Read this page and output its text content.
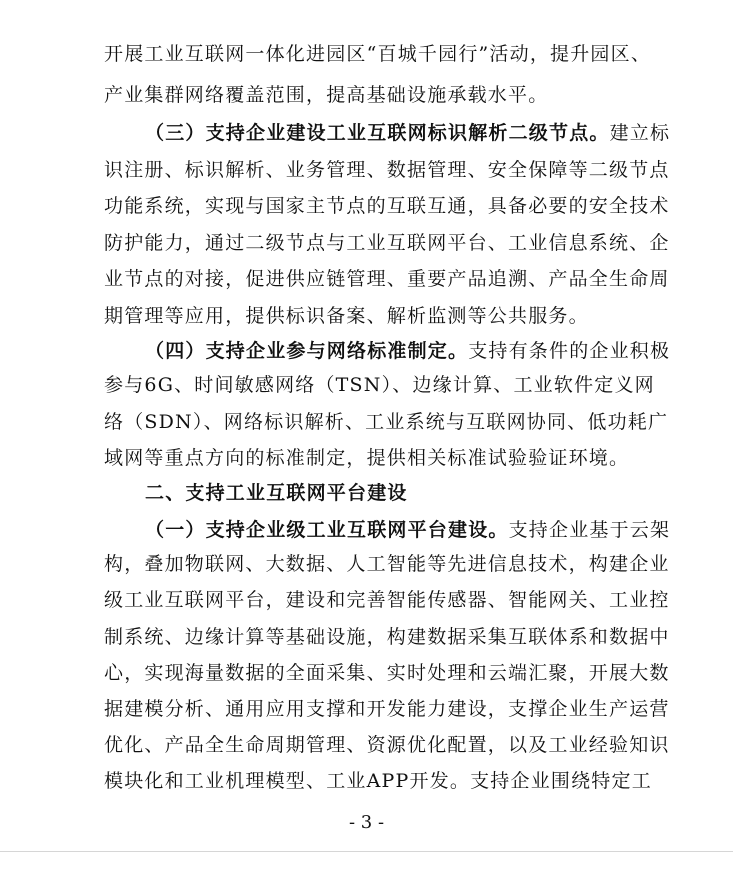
开展工业互联网一体化进园区“百城千园行”活动，提升园区、
产业集群网络覆盖范围，提高基础设施承载水平。
（三）支持企业建设工业互联网标识解析二级节点。建立标
识注册、标识解析、业务管理、数据管理、安全保障等二级节点
功能系统，实现与国家主节点的互联互通，具备必要的安全技术
防护能力，通过二级节点与工业互联网平台、工业信息系统、企
业节点的对接，促进供应链管理、重要产品追溯、产品全生命周
期管理等应用，提供标识备案、解析监测等公共服务。
（四）支持企业参与网络标准制定。支持有条件的企业积极
参与6G、时间敏感网络（TSN）、边缘计算、工业软件定义网
络（SDN）、网络标识解析、工业系统与互联网协同、低功耗广
域网等重点方向的标准制定，提供相关标准试验验证环境。
二、支持工业互联网平台建设
（一）支持企业级工业互联网平台建设。支持企业基于云架
构，叠加物联网、大数据、人工智能等先进信息技术，构建企业
级工业互联网平台，建设和完善智能传感器、智能网关、工业控
制系统、边缘计算等基础设施，构建数据采集互联体系和数据中
心，实现海量数据的全面采集、实时处理和云端汇聚，开展大数
据建模分析、通用应用支撑和开发能力建设，支撑企业生产运营
优化、产品全生命周期管理、资源优化配置，以及工业经验知识
模块化和工业机理模型、工业APP开发。支持企业围绕特定工
- 3 -
